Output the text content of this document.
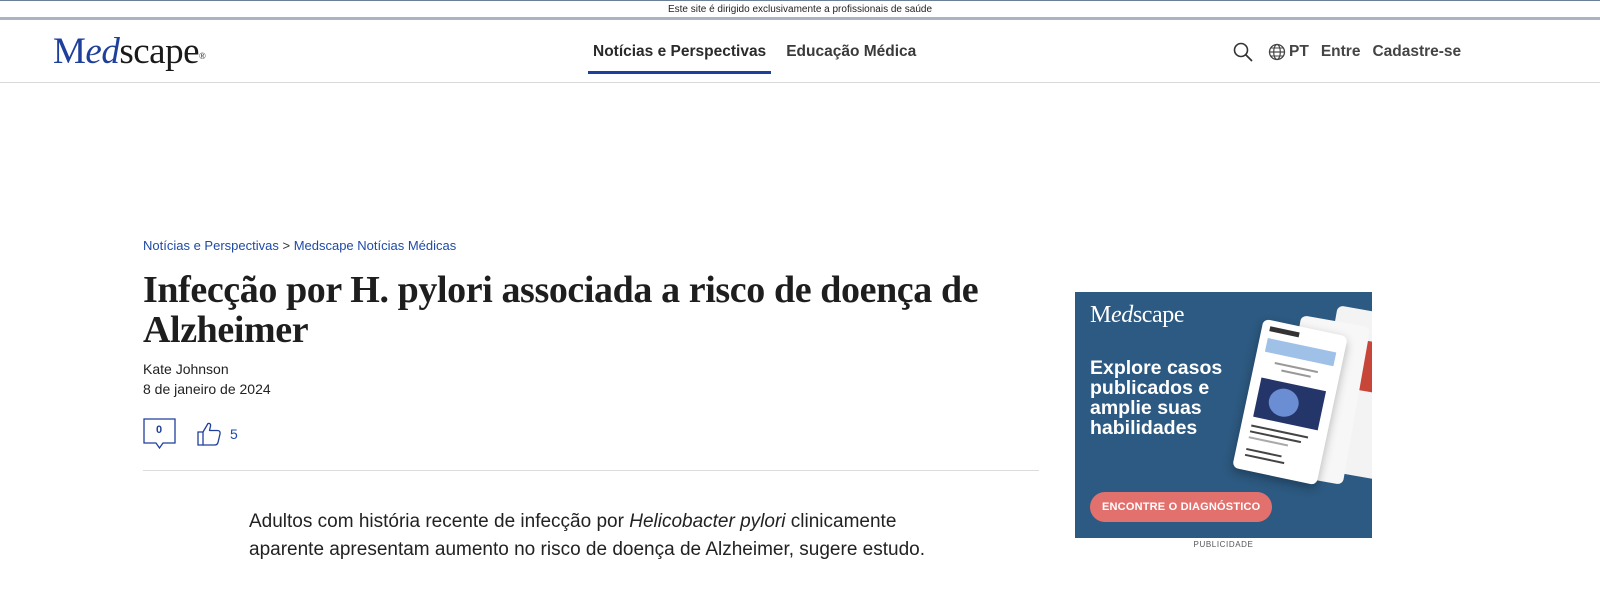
Este site é dirigido exclusivamente a profissionais de saúde
Medscape®	Notícias e Perspectivas	Educação Médica	PT Entre Cadastre-se
Notícias e Perspectivas > Medscape Notícias Médicas
Infecção por H. pylori associada a risco de doença de Alzheimer
Kate Johnson
8 de janeiro de 2024
0	5

Adultos com história recente de infecção por Helicobacter pylori clinicamente aparente apresentam aumento no risco de doença de Alzheimer, sugere estudo.

Medscape
Explore casos publicados e amplie suas habilidades
ENCONTRE O DIAGNÓSTICO
PUBLICIDADE
